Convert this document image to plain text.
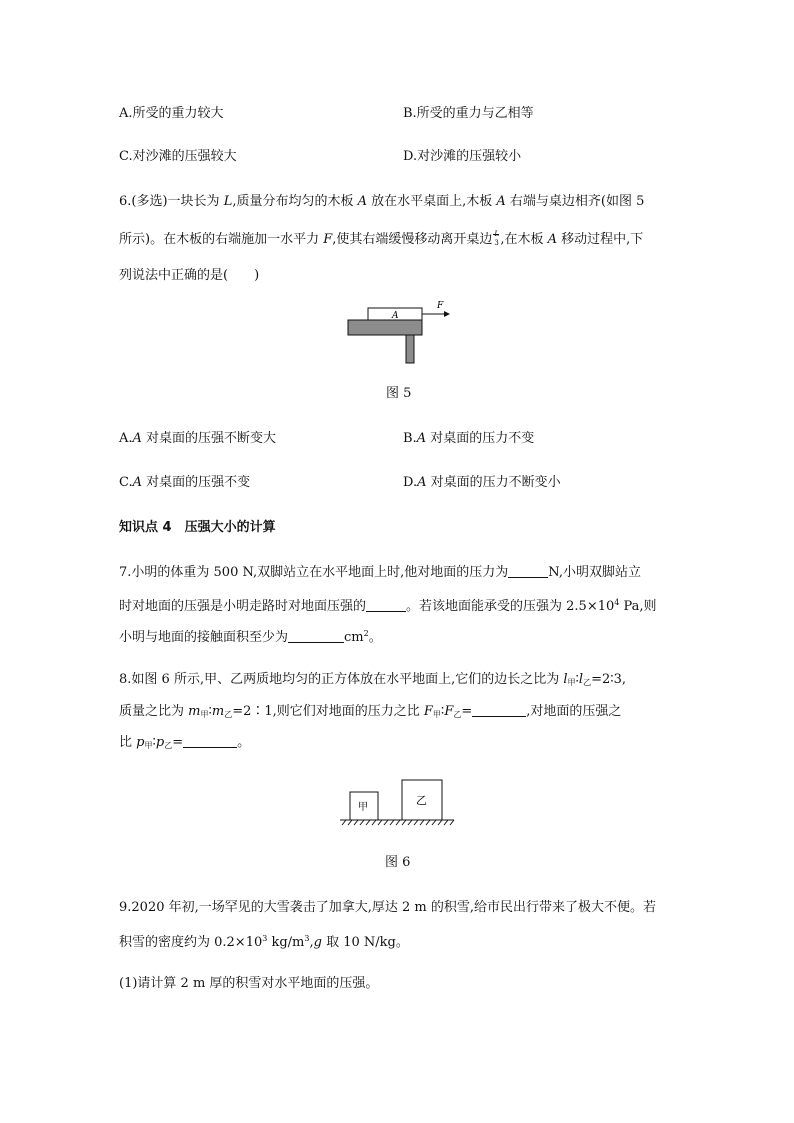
A.所受的重力较大	B.所受的重力与乙相等
C.对沙滩的压强较大	D.对沙滩的压强较小
6.(多选)一块长为 L,质量分布均匀的木板 A 放在水平桌面上,木板 A 右端与桌边相齐(如图 5
所示)。在木板的右端施加一水平力 F,使其右端缓慢移动离开桌边 L
3 ,在木板 A 移动过程中,下
列说法中正确的是(　　)
A
F
图 5
A.A 对桌面的压强不断变大	B.A 对桌面的压力不变
C.A 对桌面的压强不变	D.A 对桌面的压力不断变小
知识点 4　压强大小的计算
7.小明的体重为 500 N,双脚站立在水平地面上时,他对地面的压力为	N,小明双脚站立
时对地面的压强是小明走路时对地面压强的	。若该地面能承受的压强为 $2.5\times 10^4$ Pa,则
小明与地面的接触面积至少为	$cm^2$。
8.如图 6 所示,甲、乙两质地均匀的正方体放在水平地面上,它们的边长之比为 $l_甲∶l_乙=2∶3$,
质量之比为 $m_甲∶m_乙=2∶1$,则它们对地面的压力之比 $F_甲∶F_乙=$	,对地面的压强之
比 $p_甲∶p_乙=$	。
甲
乙
图 6
9.2020 年初,一场罕见的大雪袭击了加拿大,厚达 2 m 的积雪,给市民出行带来了极大不便。若
积雪的密度约为 $0.2\times 10^3$ $kg/m^3,g$ 取 10 N/kg。
(1)请计算 2 m 厚的积雪对水平地面的压强。
